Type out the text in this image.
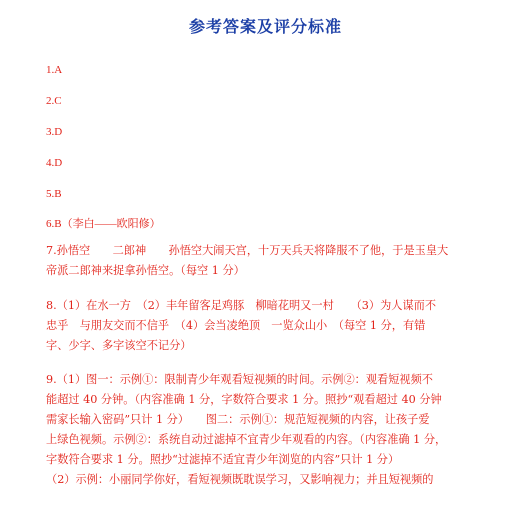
参考答案及评分标准
1.A
2.C
3.D
4.D
5.B
6.B（李白——欧阳修）
7.孙悟空　　二郎神　　孙悟空大闹天宫，十万天兵天将降服不了他，于是玉皇大
帝派二郎神来捉拿孙悟空。（每空 1 分）
8.（1）在水一方　（2）丰年留客足鸡豚　柳暗花明又一村　　（3）为人谋而不
忠乎　与朋友交而不信乎　（4）会当凌绝顶　一览众山小　（每空 1 分，有错
字、少字、多字该空不记分）
9.（1）图一：示例①：限制青少年观看短视频的时间。示例②：观看短视频不
能超过 40 分钟。（内容准确 1 分，字数符合要求 1 分。照抄“观看超过 40 分钟
需家长输入密码”只计 1 分）　　图二：示例①：规范短视频的内容，让孩子爱
上绿色视频。示例②：系统自动过滤掉不宜青少年观看的内容。（内容准确 1 分，
字数符合要求 1 分。照抄“过滤掉不适宜青少年浏览的内容”只计 1 分）
（2）示例：小丽同学你好，看短视频既耽误学习，又影响视力；并且短视频的
